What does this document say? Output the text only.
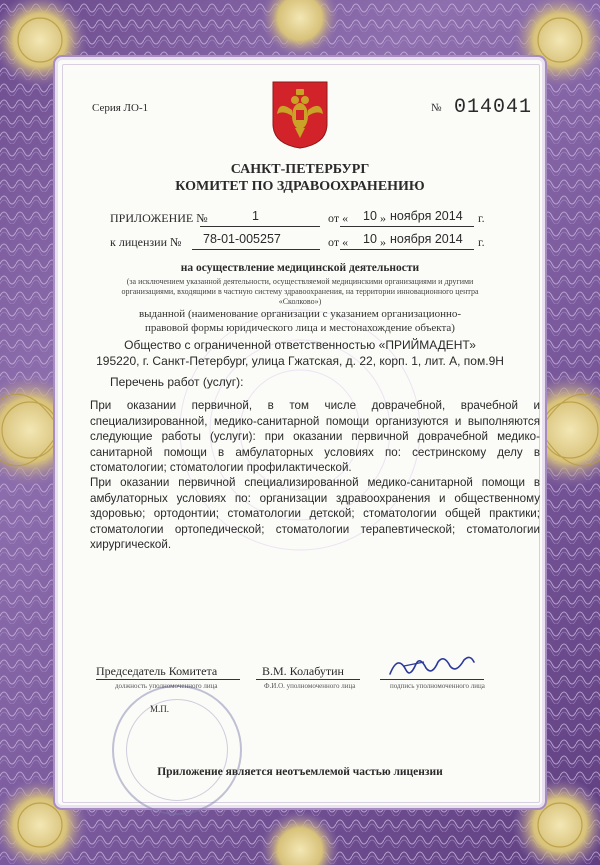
Серия ЛО-1	№ 014041
САНКТ-ПЕТЕРБУРГ
КОМИТЕТ ПО ЗДРАВООХРАНЕНИЮ
ПРИЛОЖЕНИЕ №	1	от « 10 » ноября 2014 г.
к лицензии № 78-01-005257	от « 10 » ноября 2014 г.
на осуществление медицинской деятельности
(за исключением указанной деятельности, осуществляемой медицинскими организациями и другими
организациями, входящими в частную систему здравоохранения, на территории инновационного центра
«Сколково»)
выданной (наименование организации с указанием организационно-
правовой формы юридического лица и местонахождение объекта)
Общество с ограниченной ответственностью «ПРИЙМАДЕНТ»
195220, г. Санкт-Петербург, улица Гжатская, д. 22, корп. 1, лит. А, пом.9Н
Перечень работ (услуг):
При оказании первичной, в том числе доврачебной, врачебной и специализированной, медико-санитарной помощи организуются и выполняются следующие работы (услуги): при оказании первичной доврачебной медико-санитарной помощи в амбулаторных условиях по: сестринскому делу в стоматологии; стоматологии профилактической.
При оказании первичной специализированной медико-санитарной помощи в амбулаторных условиях по: организации здравоохранения и общественному здоровью; ортодонтии; стоматологии детской; стоматологии общей практики; стоматологии ортопедической; стоматологии терапевтической; стоматологии хирургической.
Председатель Комитета
должность уполномоченного лица
В.М. Колабутин
Ф.И.О. уполномоченного лица	подпись уполномоченного лица
М.П.
Приложение является неотъемлемой частью лицензии
